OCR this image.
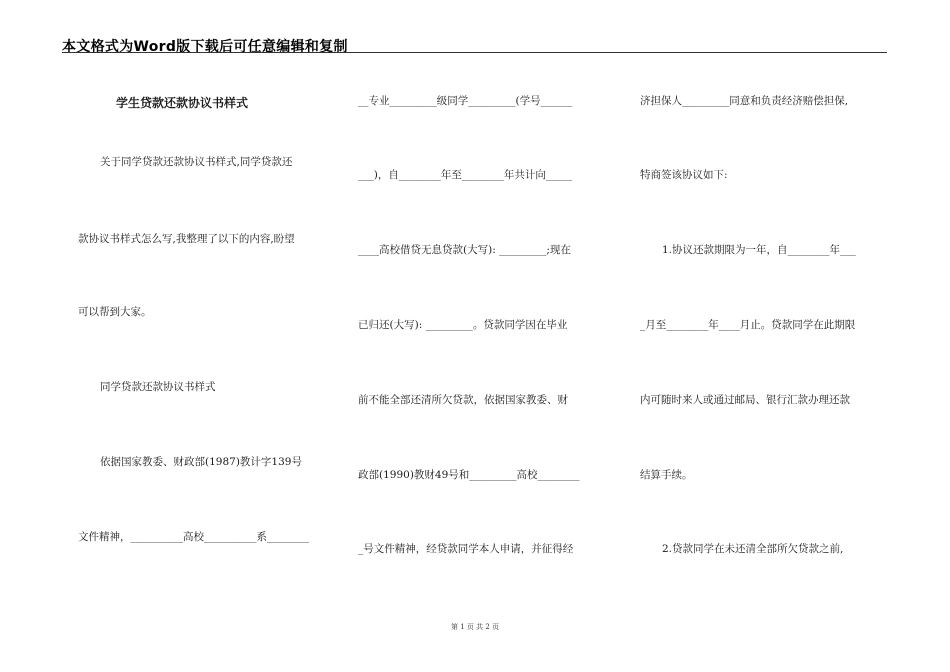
本文格式为Word版下载后可任意编辑和复制
学生贷款还款协议书样式
关于同学贷款还款协议书样式,同学贷款还
款协议书样式怎么写,我整理了以下的内容,盼望
可以帮到大家。
同学贷款还款协议书样式
依据国家教委、财政部(1987)教计字139号
文件精神，__________高校__________系________
__专业_________级同学_________(学号______
___)，自________年至________年共计向_____
____高校借贷无息贷款(大写): _________;现在
已归还(大写): _________。贷款同学因在毕业
前不能全部还清所欠贷款，依据国家教委、财
政部(1990)教财49号和_________高校________
_号文件精神，经贷款同学本人申请，并征得经
济担保人_________同意和负责经济赔偿担保,
特商签该协议如下:
1.协议还款期限为一年，自________年___
_月至________年____月止。贷款同学在此期限
内可随时来人或通过邮局、银行汇款办理还款
结算手续。
2.贷款同学在未还清全部所欠贷款之前,
第 1 页 共 2 页
